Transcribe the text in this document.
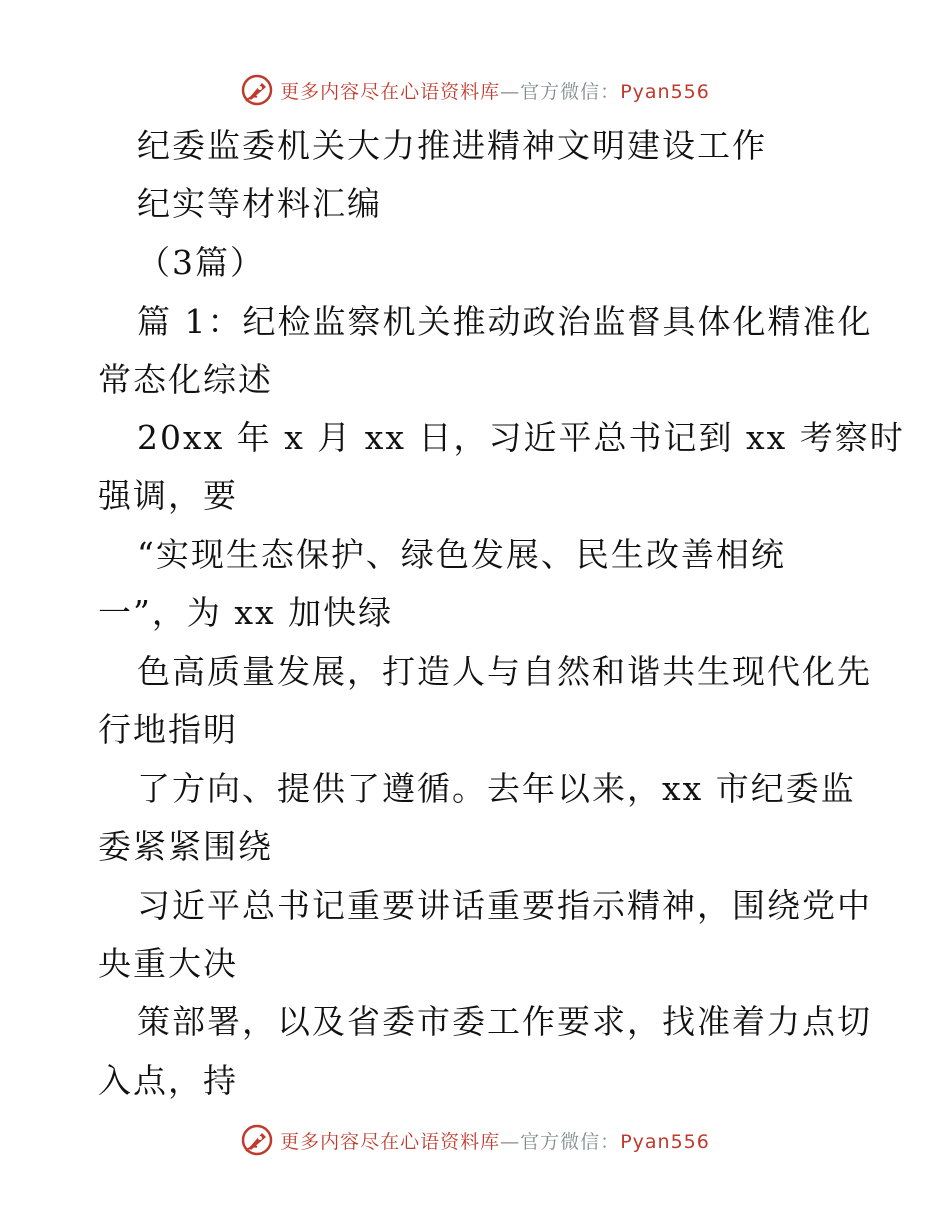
更多内容尽在心语资料库—官方微信：Pyan556
纪委监委机关大力推进精神文明建设工作
纪实等材料汇编
（3篇）
篇 1：纪检监察机关推动政治监督具体化精准化
常态化综述
20xx 年 x 月 xx 日，习近平总书记到 xx 考察时
强调，要
“实现生态保护、绿色发展、民生改善相统
一”，为 xx 加快绿
色高质量发展，打造人与自然和谐共生现代化先
行地指明
了方向、提供了遵循。去年以来，xx 市纪委监
委紧紧围绕
习近平总书记重要讲话重要指示精神，围绕党中
央重大决
策部署，以及省委市委工作要求，找准着力点切
入点，持
更多内容尽在心语资料库—官方微信：Pyan556
